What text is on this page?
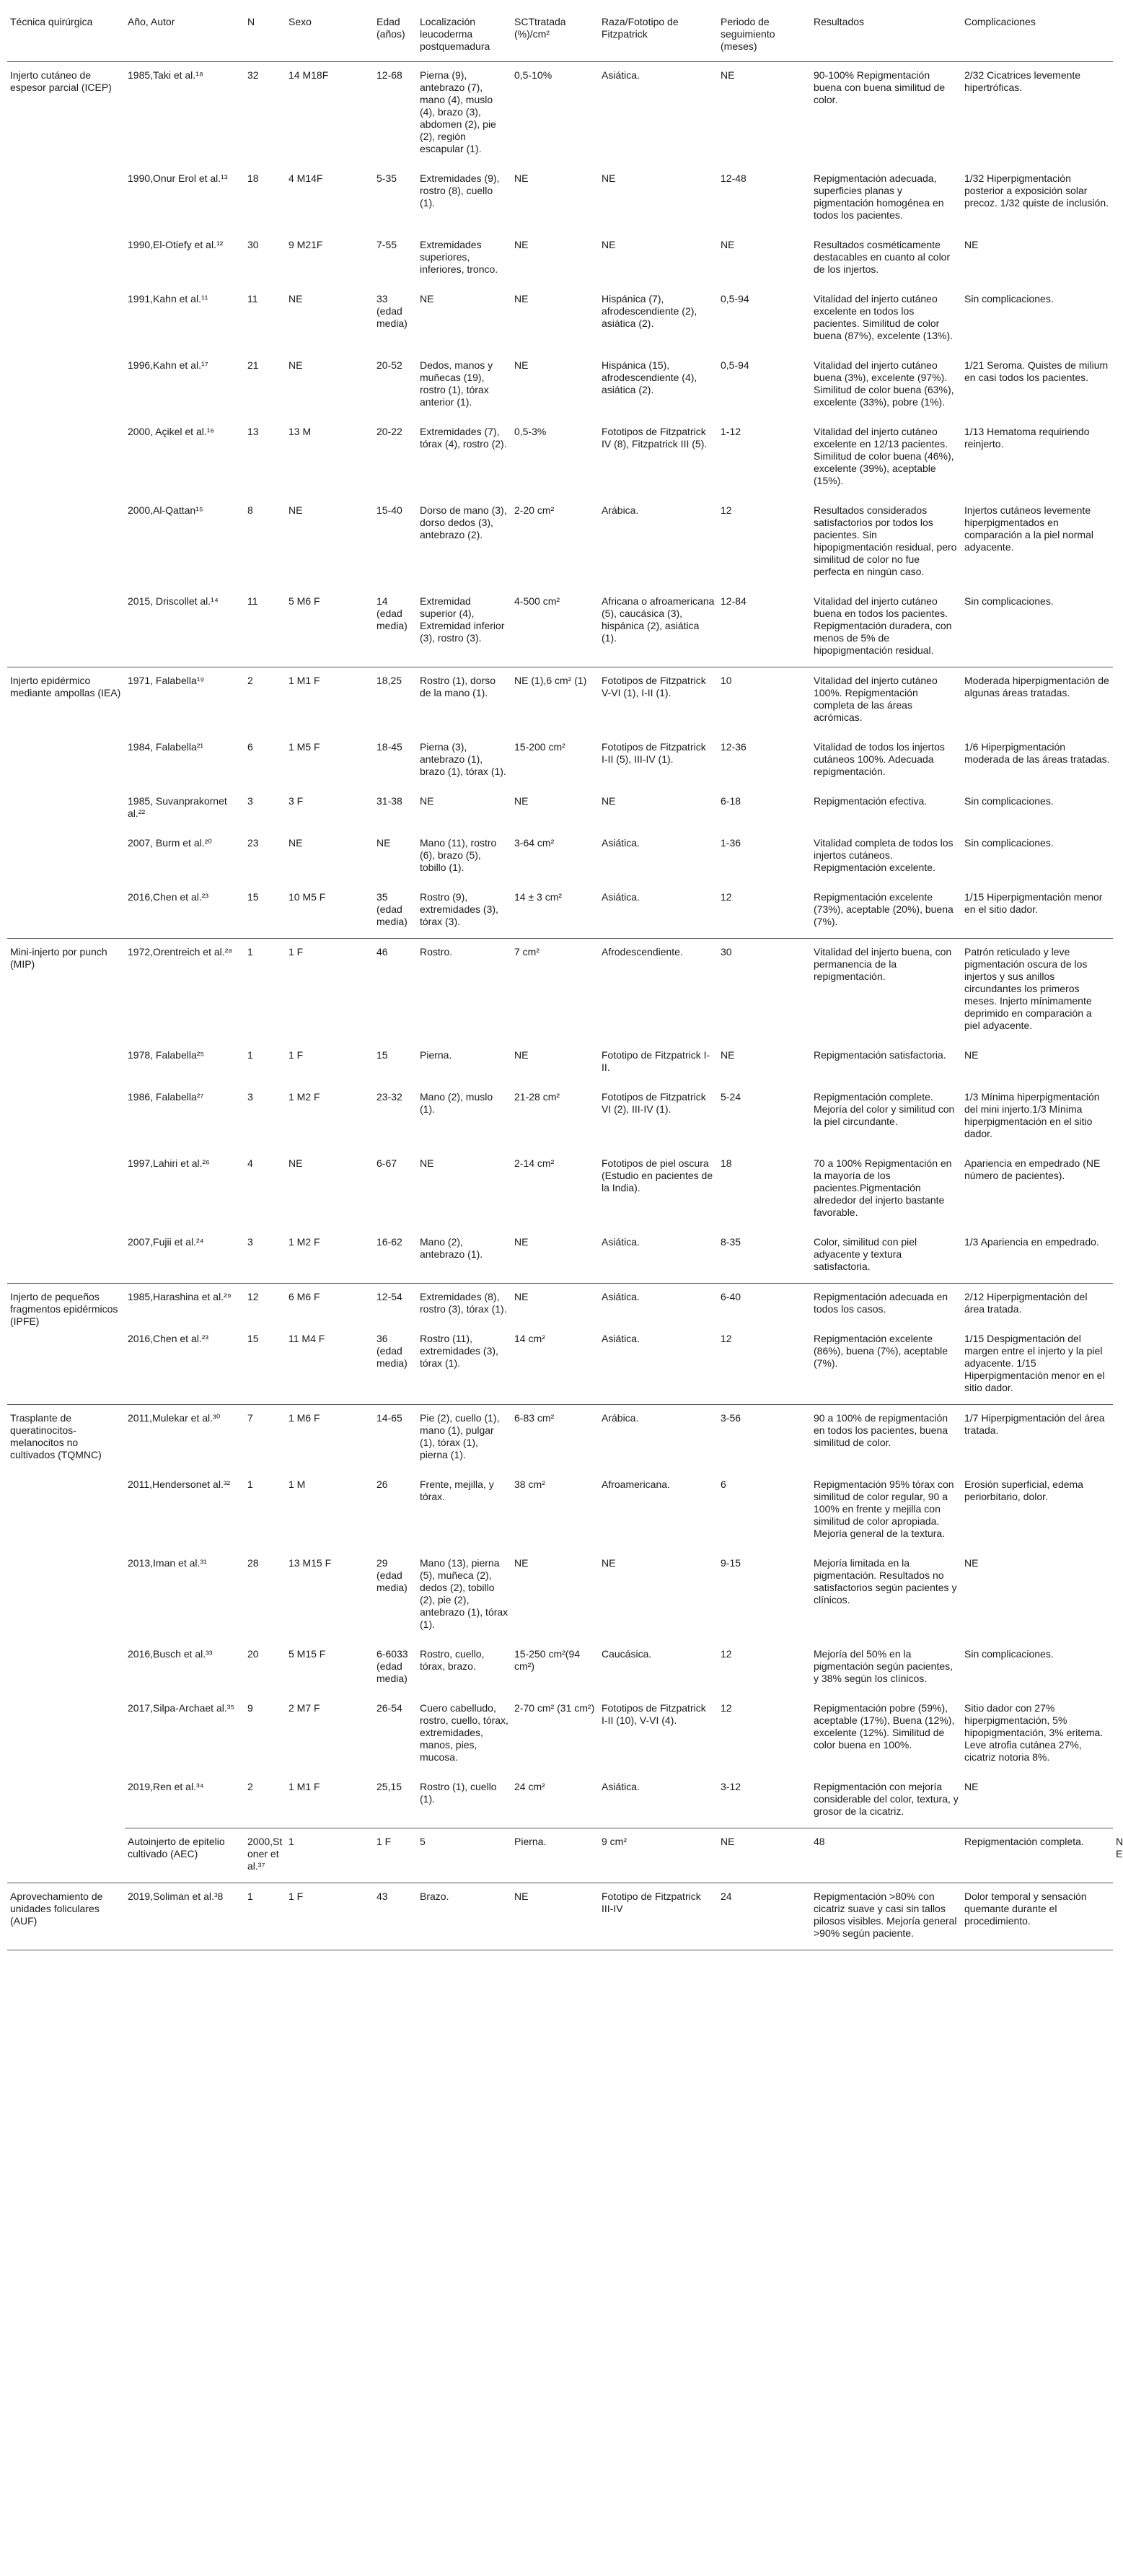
Técnica quirúrgica	Año, Autor	N	Sexo	Edad (años)	Localización leucoderma postquemadura	SCTtratada (%)/cm²	Raza/Fototipo de Fitzpatrick	Periodo de seguimiento (meses)	Resultados	Complicaciones	
Injerto cutáneo de espesor parcial (ICEP)	1985,Taki et al.¹⁸	32	14 M18F	12-68	Pierna (9), antebrazo (7), mano (4), muslo (4), brazo (3), abdomen (2), pie (2), región escapular (1).	0,5-10%	Asiática.	NE	90-100% Repigmentación buena con buena similitud de color.	2/32 Cicatrices levemente hipertróficas.	
	1990,Onur Erol et al.¹³	18	4 M14F	5-35	Extremidades (9), rostro (8), cuello (1).	NE	NE	12-48	Repigmentación adecuada, superficies planas y pigmentación homogénea en todos los pacientes.	1/32 Hiperpigmentación posterior a exposición solar precoz. 1/32 quiste de inclusión.	
	1990,El-Otiefy et al.¹²	30	9 M21F	7-55	Extremidades superiores, inferiores, tronco.	NE	NE	NE	Resultados cosméticamente destacables en cuanto al color de los injertos.	NE	
	1991,Kahn et al.¹¹	11	NE	33 (edad media)	NE	NE	Hispánica (7), afrodescendiente (2), asiática (2).	0,5-94	Vitalidad del injerto cutáneo excelente en todos los pacientes. Similitud de color buena (87%), excelente (13%).	Sin complicaciones.	
	1996,Kahn et al.¹⁷	21	NE	20-52	Dedos, manos y muñecas (19), rostro (1), tórax anterior (1).	NE	Hispánica (15), afrodescendiente (4), asiática (2).	0,5-94	Vitalidad del injerto cutáneo buena (3%), excelente (97%). Similitud de color buena (63%), excelente (33%), pobre (1%).	1/21 Seroma. Quistes de milium en casi todos los pacientes.	
	2000, Açikel et al.¹⁶	13	13 M	20-22	Extremidades (7), tórax (4), rostro (2).	0,5-3%	Fototipos de Fitzpatrick IV (8), Fitzpatrick III (5).	1-12	Vitalidad del injerto cutáneo excelente en 12/13 pacientes. Similitud de color buena (46%), excelente (39%), aceptable (15%).	1/13 Hematoma requiriendo reinjerto.	
	2000,Al-Qattan¹⁵	8	NE	15-40	Dorso de mano (3), dorso dedos (3), antebrazo (2).	2-20 cm²	Arábica.	12	Resultados considerados satisfactorios por todos los pacientes. Sin hipopigmentación residual, pero similitud de color no fue perfecta en ningún caso.	Injertos cutáneos levemente hiperpigmentados en comparación a la piel normal adyacente.	
	2015, Driscollet al.¹⁴	11	5 M6 F	14 (edad media)	Extremidad superior (4), Extremidad inferior (3), rostro (3).	4-500 cm²	Africana o afroamericana (5), caucásica (3), hispánica (2), asiática (1).	12-84	Vitalidad del injerto cutáneo buena en todos los pacientes. Repigmentación duradera, con menos de 5% de hipopigmentación residual.	Sin complicaciones.	
Injerto epidérmico mediante ampollas (IEA)	1971, Falabella¹⁹	2	1 M1 F	18,25	Rostro (1), dorso de la mano (1).	NE (1),6 cm² (1)	Fototipos de Fitzpatrick V-VI (1), I-II (1).	10	Vitalidad del injerto cutáneo 100%. Repigmentación completa de las áreas acrómicas.	Moderada hiperpigmentación de algunas áreas tratadas.	
	1984, Falabella²¹	6	1 M5 F	18-45	Pierna (3), antebrazo (1), brazo (1), tórax (1).	15-200 cm²	Fototipos de Fitzpatrick I-II (5), III-IV (1).	12-36	Vitalidad de todos los injertos cutáneos 100%. Adecuada repigmentación.	1/6 Hiperpigmentación moderada de las áreas tratadas.	
	1985, Suvanprakornet al.²²	3	3 F	31-38	NE	NE	NE	6-18	Repigmentación efectiva.	Sin complicaciones.	
	2007, Burm et al.²⁰	23	NE	NE	Mano (11), rostro (6), brazo (5), tobillo (1).	3-64 cm²	Asiática.	1-36	Vitalidad completa de todos los injertos cutáneos. Repigmentación excelente.	Sin complicaciones.	
	2016,Chen et al.²³	15	10 M5 F	35 (edad media)	Rostro (9), extremidades (3), tórax (3).	14 ± 3 cm²	Asiática.	12	Repigmentación excelente (73%), aceptable (20%), buena (7%).	1/15 Hiperpigmentación menor en el sitio dador.	
Mini-injerto por punch (MIP)	1972,Orentreich et al.²⁸	1	1 F	46	Rostro.	7 cm²	Afrodescendiente.	30	Vitalidad del injerto buena, con permanencia de la repigmentación.	Patrón reticulado y leve pigmentación oscura de los injertos y sus anillos circundantes los primeros meses. Injerto mínimamente deprimido en comparación a piel adyacente.	
	1978, Falabella²⁵	1	1 F	15	Pierna.	NE	Fototipo de Fitzpatrick I-II.	NE	Repigmentación satisfactoria.	NE	
	1986, Falabella²⁷	3	1 M2 F	23-32	Mano (2), muslo (1).	21-28 cm²	Fototipos de Fitzpatrick VI (2), III-IV (1).	5-24	Repigmentación complete. Mejoría del color y similitud con la piel circundante.	1/3 Mínima hiperpigmentación del mini injerto.1/3 Mínima hiperpigmentación en el sitio dador.	
	1997,Lahiri et al.²⁶	4	NE	6-67	NE	2-14 cm²	Fototipos de piel oscura (Estudio en pacientes de la India).	18	70 a 100% Repigmentación en la mayoría de los pacientes.Pigmentación alrededor del injerto bastante favorable.	Apariencia en empedrado (NE número de pacientes).	
	2007,Fujii et al.²⁴	3	1 M2 F	16-62	Mano (2), antebrazo (1).	NE	Asiática.	8-35	Color, similitud con piel adyacente y textura satisfactoria.	1/3 Apariencia en empedrado.	
Injerto de pequeños fragmentos epidérmicos (IPFE)	1985,Harashina et al.²⁹	12	6 M6 F	12-54	Extremidades (8), rostro (3), tórax (1).	NE	Asiática.	6-40	Repigmentación adecuada en todos los casos.	2/12 Hiperpigmentación del área tratada.	
	2016,Chen et al.²³	15	11 M4 F	36 (edad media)	Rostro (11), extremidades (3), tórax (1).	14 cm²	Asiática.	12	Repigmentación excelente (86%), buena (7%), aceptable (7%).	1/15 Despigmentación del margen entre el injerto y la piel adyacente. 1/15 Hiperpigmentación menor en el sitio dador.	
Trasplante de queratinocitos-melanocitos no cultivados (TQMNC)	2011,Mulekar et al.³⁰	7	1 M6 F	14-65	Pie (2), cuello (1), mano (1), pulgar (1), tórax (1), pierna (1).	6-83 cm²	Arábica.	3-56	90 a 100% de repigmentación en todos los pacientes, buena similitud de color.	1/7 Hiperpigmentación del área tratada.	
	2011,Hendersonet al.³²	1	1 M	26	Frente, mejilla, y tórax.	38 cm²	Afroamericana.	6	Repigmentación 95% tórax con similitud de color regular, 90 a 100% en frente y mejilla con similitud de color apropiada. Mejoría general de la textura.	Erosión superficial, edema periorbitario, dolor.	
	2013,Iman et al.³¹	28	13 M15 F	29 (edad media)	Mano (13), pierna (5), muñeca (2), dedos (2), tobillo (2), pie (2), antebrazo (1), tórax (1).	NE	NE	9-15	Mejoría limitada en la pigmentación. Resultados no satisfactorios según pacientes y clínicos.	NE	
	2016,Busch et al.³³	20	5 M15 F	6-6033 (edad media)	Rostro, cuello, tórax, brazo.	15-250 cm²(94 cm²)	Caucásica.	12	Mejoría del 50% en la pigmentación según pacientes, y 38% según los clínicos.	Sin complicaciones.	
	2017,Silpa-Archaet al.³⁵	9	2 M7 F	26-54	Cuero cabelludo, rostro, cuello, tórax, extremidades, manos, pies, mucosa.	2-70 cm² (31 cm²)	Fototipos de Fitzpatrick I-II (10), V-VI (4).	12	Repigmentación pobre (59%), aceptable (17%), Buena (12%), excelente (12%). Similitud de color buena en 100%.	Sitio dador con 27% hiperpigmentación, 5% hipopigmentación, 3% eritema. Leve atrofia cutánea 27%, cicatriz notoria 8%.	
	2019,Ren et al.³⁴	2	1 M1 F	25,15	Rostro (1), cuello (1).	24 cm²	Asiática.	3-12	Repigmentación con mejoría considerable del color, textura, y grosor de la cicatriz.	NE	
	Autoinjerto de epitelio cultivado (AEC)	2000,Stoner et al.³⁷	1	1 F	5	Pierna.	9 cm²	NE	48	Repigmentación completa.	NE
Aprovechamiento de unidades foliculares (AUF)	2019,Soliman et al.³8	1	1 F	43	Brazo.	NE	Fototipo de Fitzpatrick III-IV	24	Repigmentación >80% con cicatriz suave y casi sin tallos pilosos visibles. Mejoría general >90% según paciente.	Dolor temporal y sensación quemante durante el procedimiento.	
